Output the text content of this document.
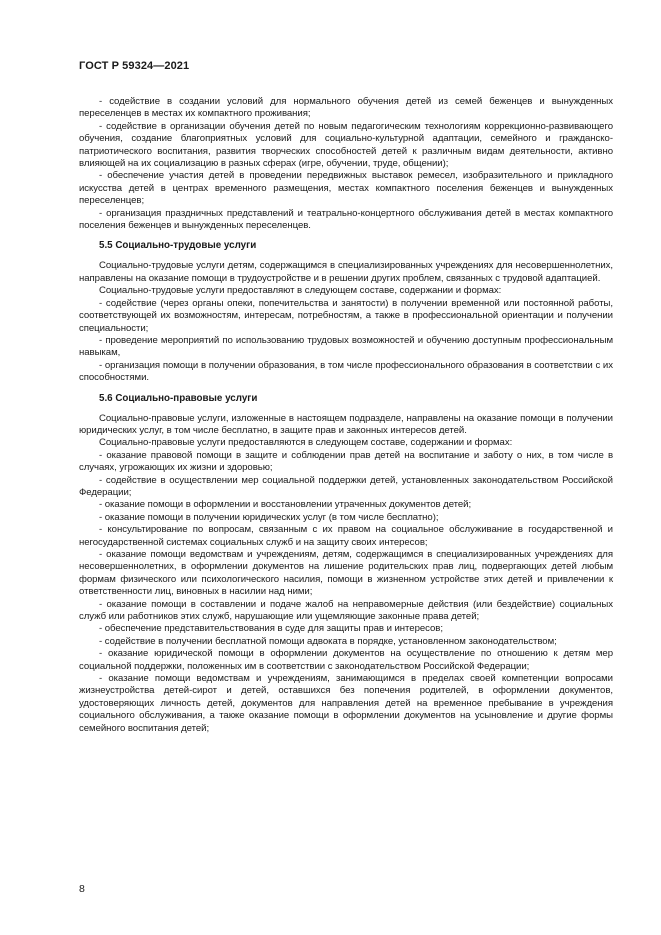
ГОСТ Р 59324—2021

- содействие в создании условий для нормального обучения детей из семей беженцев и вынужденных переселенцев в местах их компактного проживания;

- содействие в организации обучения детей по новым педагогическим технологиям коррекционно-развивающего обучения, создание благоприятных условий для социально-культурной адаптации, семейного и гражданско-патриотического воспитания, развития творческих способностей детей к различным видам деятельности, активно влияющей на их социализацию в разных сферах (игре, обучении, труде, общении);

- обеспечение участия детей в проведении передвижных выставок ремесел, изобразительного и прикладного искусства детей в центрах временного размещения, местах компактного поселения беженцев и вынужденных переселенцев;

- организация праздничных представлений и театрально-концертного обслуживания детей в местах компактного поселения беженцев и вынужденных переселенцев.

5.5 Социально-трудовые услуги

Социально-трудовые услуги детям, содержащимся в специализированных учреждениях для несовершеннолетних, направлены на оказание помощи в трудоустройстве и в решении других проблем, связанных с трудовой адаптацией.

Социально-трудовые услуги предоставляют в следующем составе, содержании и формах:

- содействие (через органы опеки, попечительства и занятости) в получении временной или постоянной работы, соответствующей их возможностям, интересам, потребностям, а также в профессиональной ориентации и получении специальности;

- проведение мероприятий по использованию трудовых возможностей и обучению доступным профессиональным навыкам,

- организация помощи в получении образования, в том числе профессионального образования в соответствии с их способностями.

5.6 Социально-правовые услуги

Социально-правовые услуги, изложенные в настоящем подразделе, направлены на оказание помощи в получении юридических услуг, в том числе бесплатно, в защите прав и законных интересов детей.

Социально-правовые услуги предоставляются в следующем составе, содержании и формах:

- оказание правовой помощи в защите и соблюдении прав детей на воспитание и заботу о них, в том числе в случаях, угрожающих их жизни и здоровью;

- содействие в осуществлении мер социальной поддержки детей, установленных законодательством Российской Федерации;

- оказание помощи в оформлении и восстановлении утраченных документов детей;

- оказание помощи в получении юридических услуг (в том числе бесплатно);

- консультирование по вопросам, связанным с их правом на социальное обслуживание в государственной и негосударственной системах социальных служб и на защиту своих интересов;

- оказание помощи ведомствам и учреждениям, детям, содержащимся в специализированных учреждениях для несовершеннолетних, в оформлении документов на лишение родительских прав лиц, подвергающих детей любым формам физического или психологического насилия, помощи в жизненном устройстве этих детей и привлечении к ответственности лиц, виновных в насилии над ними;

- оказание помощи в составлении и подаче жалоб на неправомерные действия (или бездействие) социальных служб или работников этих служб, нарушающие или ущемляющие законные права детей;

- обеспечение представительствования в суде для защиты прав и интересов;

- содействие в получении бесплатной помощи адвоката в порядке, установленном законодательством;

- оказание юридической помощи в оформлении документов на осуществление по отношению к детям мер социальной поддержки, положенных им в соответствии с законодательством Российской Федерации;

- оказание помощи ведомствам и учреждениям, занимающимся в пределах своей компетенции вопросами жизнеустройства детей-сирот и детей, оставшихся без попечения родителей, в оформлении документов, удостоверяющих личность детей, документов для направления детей на временное пребывание в учреждения социального обслуживания, а также оказание помощи в оформлении документов на усыновление и другие формы семейного воспитания детей;

8
